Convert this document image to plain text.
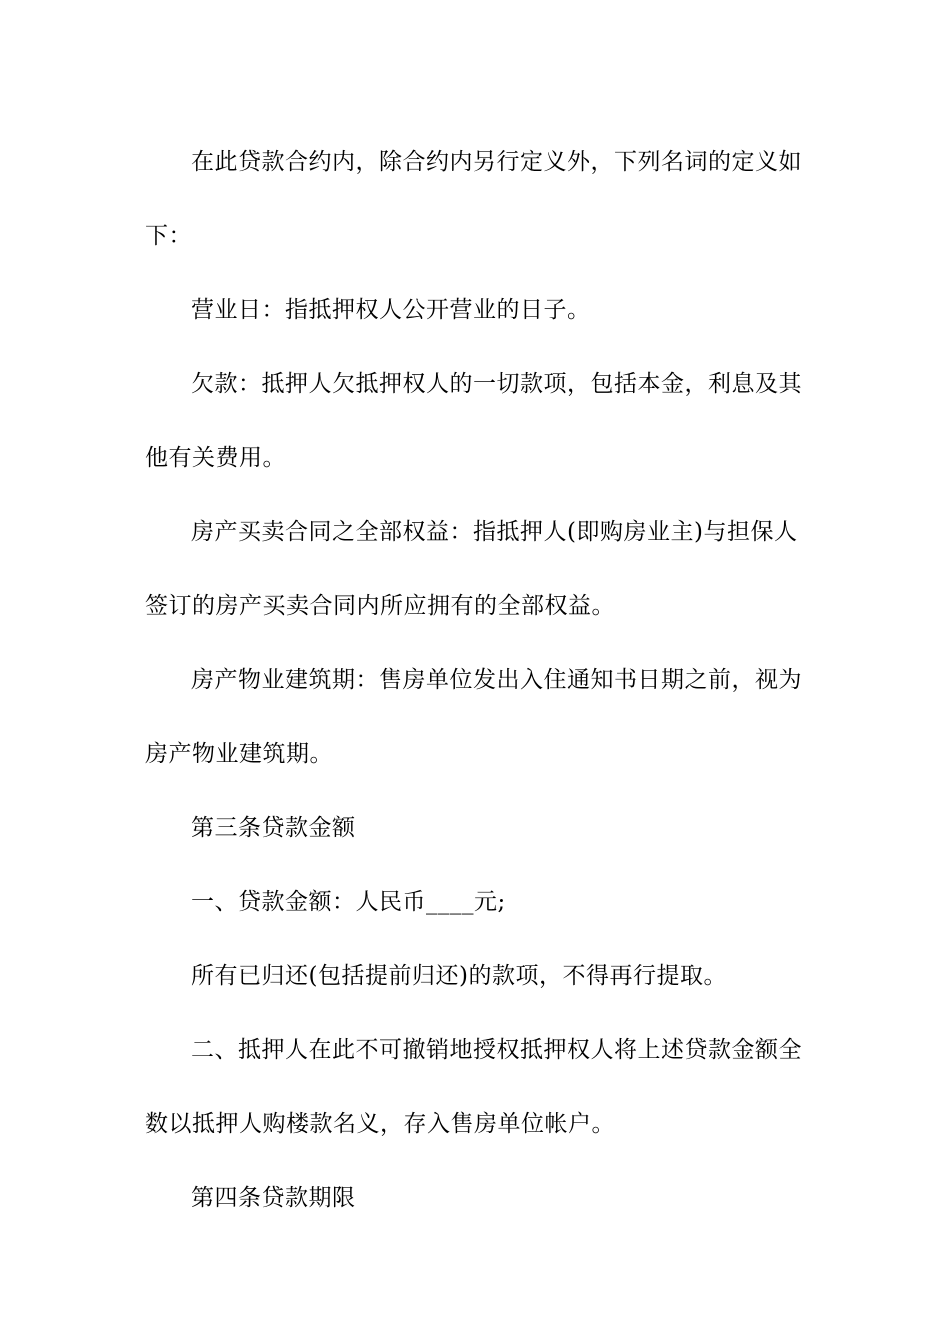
在此贷款合约内，除合约内另行定义外，下列名词的定义如下：

营业日：指抵押权人公开营业的日子。

欠款：抵押人欠抵押权人的一切款项，包括本金，利息及其他有关费用。

房产买卖合同之全部权益：指抵押人(即购房业主)与担保人签订的房产买卖合同内所应拥有的全部权益。

房产物业建筑期：售房单位发出入住通知书日期之前，视为房产物业建筑期。

第三条贷款金额

一、贷款金额：人民币____元;

所有已归还(包括提前归还)的款项，不得再行提取。

二、抵押人在此不可撤销地授权抵押权人将上述贷款金额全数以抵押人购楼款名义，存入售房单位帐户。

第四条贷款期限
